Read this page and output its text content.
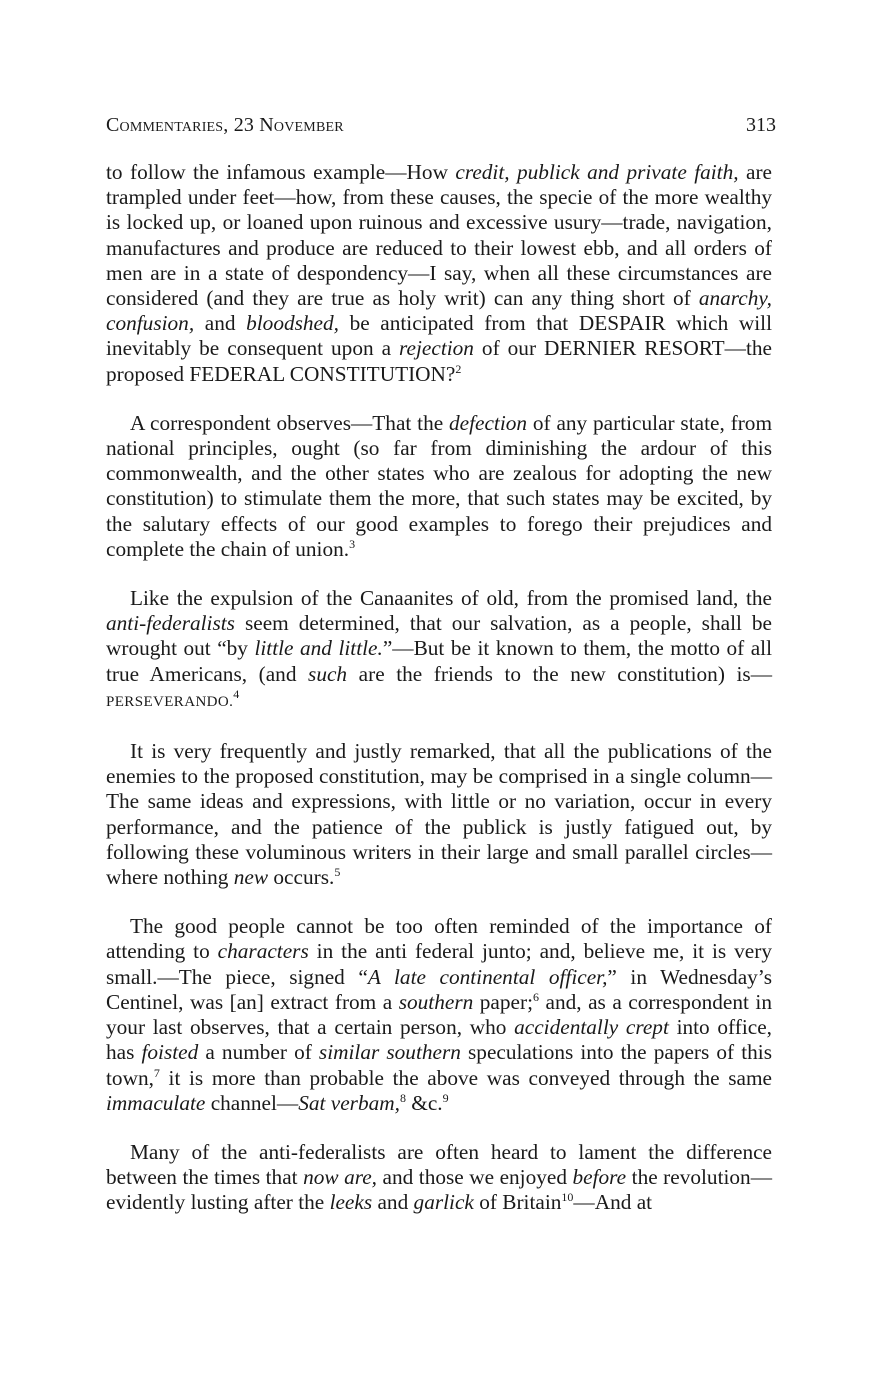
Commentaries, 23 November	313

to follow the infamous example—How credit, publick and private faith, are trampled under feet—how, from these causes, the specie of the more wealthy is locked up, or loaned upon ruinous and excessive usury—trade, navigation, manufactures and produce are reduced to their lowest ebb, and all orders of men are in a state of despondency—I say, when all these circumstances are considered (and they are true as holy writ) can any thing short of anarchy, confusion, and bloodshed, be anticipated from that DESPAIR which will inevitably be consequent upon a rejection of our DERNIER RESORT—the proposed FEDERAL CONSTITUTION?$^2$

A correspondent observes—That the defection of any particular state, from national principles, ought (so far from diminishing the ardour of this commonwealth, and the other states who are zealous for adopting the new constitution) to stimulate them the more, that such states may be excited, by the salutary effects of our good examples to forego their prejudices and complete the chain of union.$^3$

Like the expulsion of the Canaanites of old, from the promised land, the anti-federalists seem determined, that our salvation, as a people, shall be wrought out “by little and little.”—But be it known to them, the motto of all true Americans, (and such are the friends to the new constitution) is—PERSEVERANDO.$^4$

It is very frequently and justly remarked, that all the publications of the enemies to the proposed constitution, may be comprised in a single column—The same ideas and expressions, with little or no variation, occur in every performance, and the patience of the publick is justly fatigued out, by following these voluminous writers in their large and small parallel circles—where nothing new occurs.$^5$

The good people cannot be too often reminded of the importance of attending to characters in the anti federal junto; and, believe me, it is very small.—The piece, signed “A late continental officer,” in Wednesday’s Centinel, was [an] extract from a southern paper;$^6$ and, as a correspondent in your last observes, that a certain person, who accidentally crept into office, has foisted a number of similar southern speculations into the papers of this town,$^7$ it is more than probable the above was conveyed through the same immaculate channel—Sat verbam,$^8$ &c.$^9$

Many of the anti-federalists are often heard to lament the difference between the times that now are, and those we enjoyed before the revolution—evidently lusting after the leeks and garlick of Britain$^{10}$—And at
